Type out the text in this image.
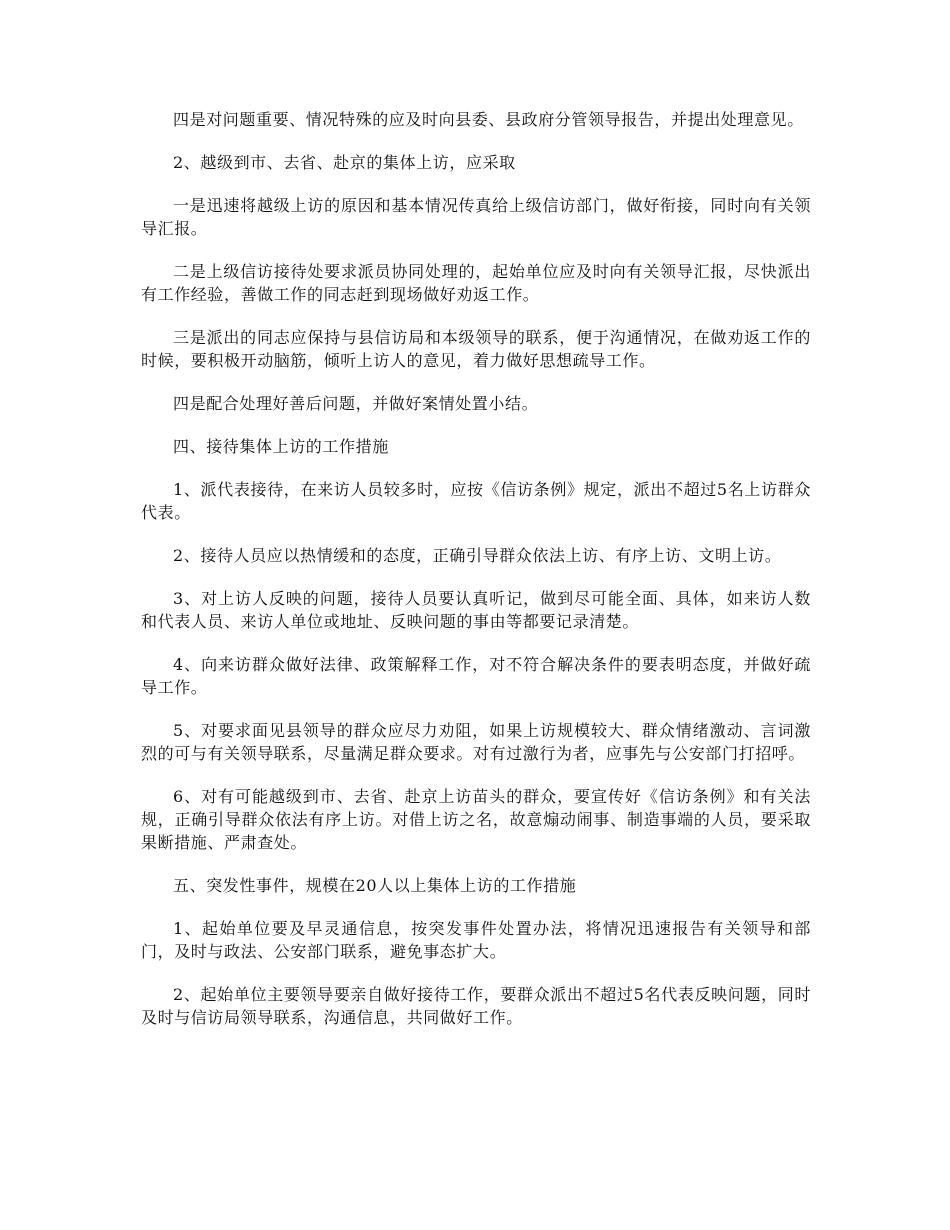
四是对问题重要、情况特殊的应及时向县委、县政府分管领导报告，并提出处理意见。

2、越级到市、去省、赴京的集体上访，应采取

一是迅速将越级上访的原因和基本情况传真给上级信访部门，做好衔接，同时向有关领导汇报。

二是上级信访接待处要求派员协同处理的，起始单位应及时向有关领导汇报，尽快派出有工作经验，善做工作的同志赶到现场做好劝返工作。

三是派出的同志应保持与县信访局和本级领导的联系，便于沟通情况，在做劝返工作的时候，要积极开动脑筋，倾听上访人的意见，着力做好思想疏导工作。

四是配合处理好善后问题，并做好案情处置小结。

四、接待集体上访的工作措施

1、派代表接待，在来访人员较多时，应按《信访条例》规定，派出不超过5名上访群众代表。

2、接待人员应以热情缓和的态度，正确引导群众依法上访、有序上访、文明上访。

3、对上访人反映的问题，接待人员要认真听记，做到尽可能全面、具体，如来访人数和代表人员、来访人单位或地址、反映问题的事由等都要记录清楚。

4、向来访群众做好法律、政策解释工作，对不符合解决条件的要表明态度，并做好疏导工作。

5、对要求面见县领导的群众应尽力劝阻，如果上访规模较大、群众情绪激动、言词激烈的可与有关领导联系，尽量满足群众要求。对有过激行为者，应事先与公安部门打招呼。

6、对有可能越级到市、去省、赴京上访苗头的群众，要宣传好《信访条例》和有关法规，正确引导群众依法有序上访。对借上访之名，故意煽动闹事、制造事端的人员，要采取果断措施、严肃查处。

五、突发性事件，规模在20人以上集体上访的工作措施

1、起始单位要及早灵通信息，按突发事件处置办法，将情况迅速报告有关领导和部门，及时与政法、公安部门联系，避免事态扩大。

2、起始单位主要领导要亲自做好接待工作，要群众派出不超过5名代表反映问题，同时及时与信访局领导联系，沟通信息，共同做好工作。
